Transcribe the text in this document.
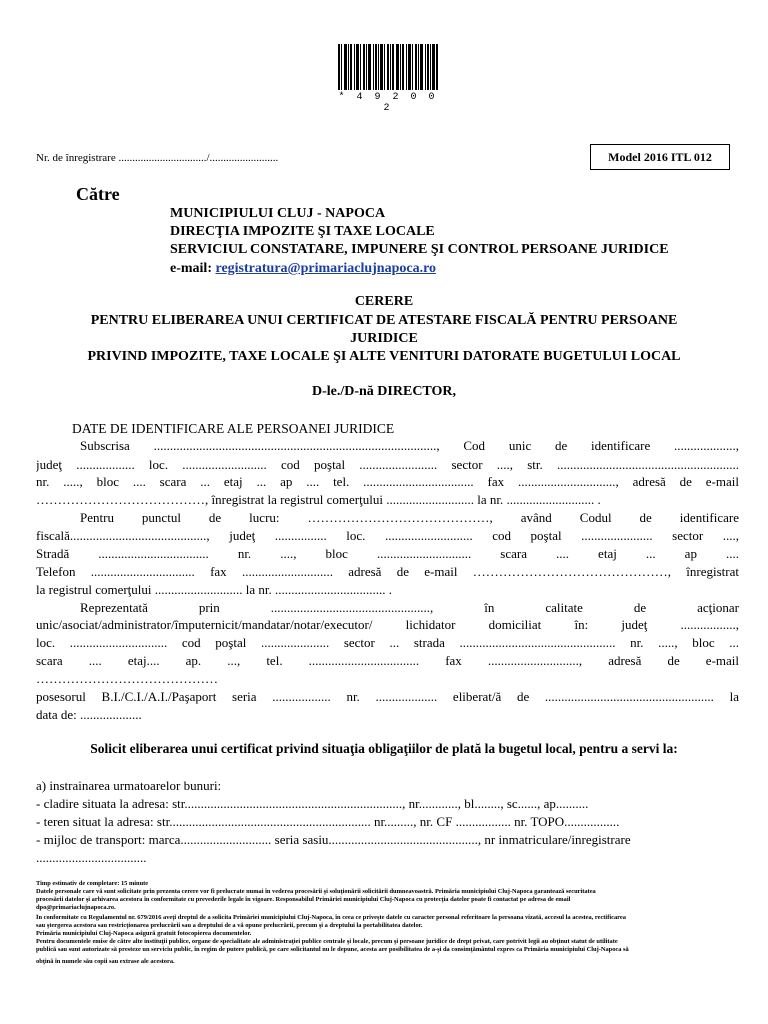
* 4 9 2 0 0 2
Nr. de înregistrare ................................/.........................	Model 2016 ITL 012
Către
MUNICIPIULUI CLUJ - NAPOCA
DIRECŢIA IMPOZITE ŞI TAXE LOCALE
SERVICIUL CONSTATARE, IMPUNERE ŞI CONTROL PERSOANE JURIDICE
e-mail: registratura@primariaclujnapoca.ro
CERERE
PENTRU ELIBERAREA UNUI CERTIFICAT DE ATESTARE FISCALĂ PENTRU PERSOANE
JURIDICE
PRIVIND IMPOZITE, TAXE LOCALE ŞI ALTE VENITURI DATORATE BUGETULUI LOCAL
D-le./D-nă DIRECTOR,
DATE DE IDENTIFICARE ALE PERSOANEI JURIDICE
Subscrisa ......................................................................................., Cod unic de identificare ...................,
judeţ .................. loc. .......................... cod poştal ........................ sector ...., str. ........................................................
nr. ....., bloc .... scara ... etaj ... ap .... tel. .................................. fax .............................., adresă de e-mail
…………………………………, înregistrat la registrul comerţului ........................... la nr. ........................... .
Pentru punctul de lucru: ……………………………………, având Codul de identificare
fiscală.........................................., judeţ ................ loc. ........................... cod poştal ...................... sector ....,
Stradă .................................. nr. ...., bloc ............................. scara .... etaj ... ap ....
Telefon ................................ fax ............................ adresă de e-mail ………………………………………, înregistrat
la registrul comerţului ........................... la nr. .................................. .
Reprezentată prin ................................................., în calitate de acţionar
unic/asociat/administrator/împuternicit/mandatar/notar/executor/ lichidator domiciliat în: judeţ .................,
loc. .............................. cod poştal ..................... sector ... strada ................................................ nr. ....., bloc ...
scara .... etaj.... ap. ..., tel. .................................. fax ............................, adresă de e-mail
……………………………………
posesorul B.I./C.I./A.I./Paşaport seria .................. nr. ................... eliberat/ă de .................................................... la
data de: ...................
Solicit eliberarea unui certificat privind situaţia obligaţiilor de plată la bugetul local, pentru a servi la:
a) instrainarea urmatoarelor bunuri:
- cladire situata la adresa: str..................................................................., nr............, bl........, sc......, ap..........
- teren situat la adresa: str.............................................................. nr........., nr. CF ................. nr. TOPO.................
- mijloc de transport: marca............................ seria sasiu.............................................., nr inmatriculare/inregistrare
..................................
Timp estimativ de completare: 15 minute
Datele personale care vă sunt solicitate prin prezenta cerere vor fi prelucrate numai în vederea procesării şi soluţionării solicitării dumneavoastră. Primăria municipiului Cluj-Napoca garantează securitatea
procesării datelor şi arhivarea acestora în conformitate cu prevederile legale în vigoare. Responsabilul Primăriei municipiului Cluj-Napoca cu protecţia datelor poate fi contactat pe adresa de email
dpo@primariaclujnapoca.ro.
În conformitate cu Regulamentul nr. 679/2016 aveţi dreptul de a solicita Primăriei municipiului Cluj-Napoca, în ceea ce priveşte datele cu caracter personal referitoare la persoana vizată, accesul la acestea, rectificarea
sau ştergerea acestora sau restricţionarea prelucrării sau a dreptului de a vă opune prelucrării, precum şi a dreptului la portabilitatea datelor.
Primăria municipiului Cluj-Napoca asigură gratuit fotocopierea documentelor.
Pentru documentele emise de către alte instituţii publice, organe de specialitate ale administraţiei publice centrale şi locale, precum şi persoane juridice de drept privat, care potrivit legii au obţinut statut de utilitate
publică sau sunt autorizate să presteze un serviciu public, în regim de putere publică, pe care solicitantul nu le depune, acesta are posibilitatea de a-şi da consimţământul expres ca Primăria municipiului Cluj-Napoca să
obţină în numele său copii sau extrase ale acestora.
